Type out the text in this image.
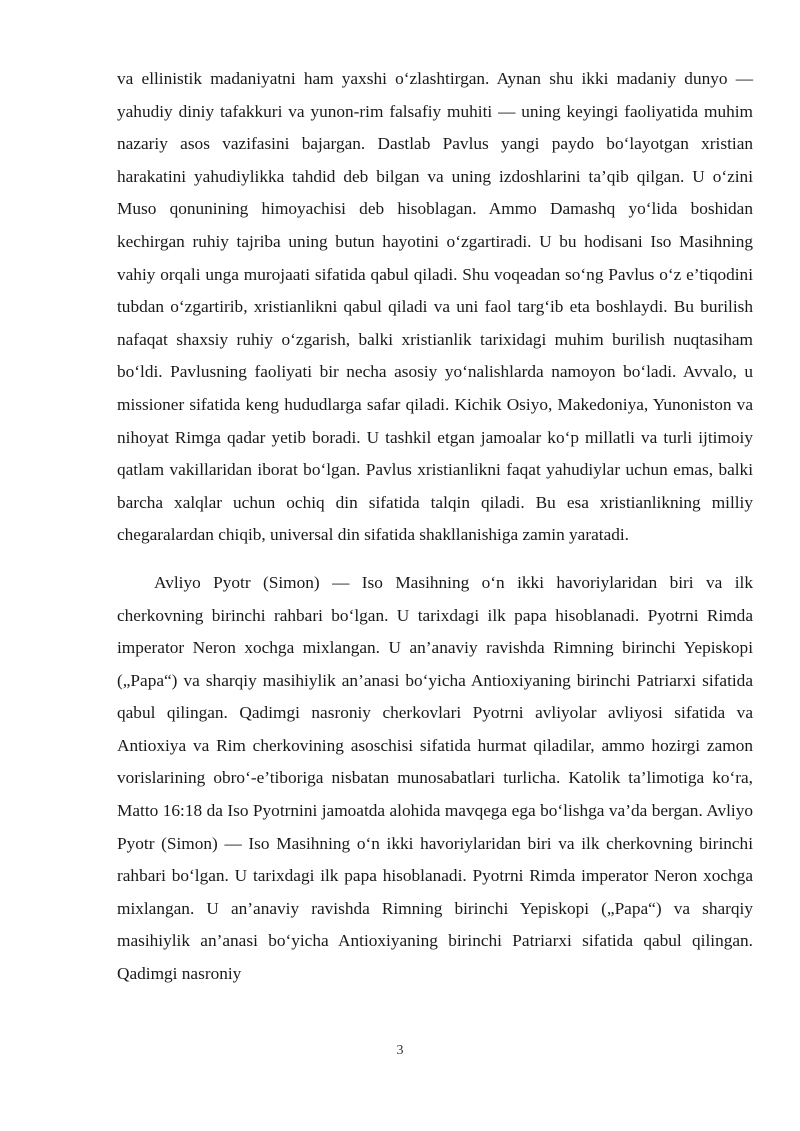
va ellinistik madaniyatni ham yaxshi o‘zlashtirgan. Aynan shu ikki madaniy dunyo — yahudiy diniy tafakkuri va yunon-rim falsafiy muhiti — uning keyingi faoliyatida muhim nazariy asos vazifasini bajargan. Dastlab Pavlus yangi paydo bo‘layotgan xristian harakatini yahudiylikka tahdid deb bilgan va uning izdoshlarini ta’qib qilgan. U o‘zini Muso qonunining himoyachisi deb hisoblagan. Ammo Damashq yo‘lida boshidan kechirgan ruhiy tajriba uning butun hayotini o‘zgartiradi. U bu hodisani Iso Masihning vahiy orqali unga murojaati sifatida qabul qiladi. Shu voqeadan so‘ng Pavlus o‘z e’tiqodini tubdan o‘zgartirib, xristianlikni qabul qiladi va uni faol targ‘ib eta boshlaydi. Bu burilish nafaqat shaxsiy ruhiy o‘zgarish, balki xristianlik tarixidagi muhim burilish nuqtasiham bo‘ldi. Pavlusning faoliyati bir necha asosiy yo‘nalishlarda namoyon bo‘ladi. Avvalo, u missioner sifatida keng hududlarga safar qiladi. Kichik Osiyo, Makedoniya, Yunoniston va nihoyat Rimga qadar yetib boradi. U tashkil etgan jamoalar ko‘p millatli va turli ijtimoiy qatlam vakillaridan iborat bo‘lgan. Pavlus xristianlikni faqat yahudiylar uchun emas, balki barcha xalqlar uchun ochiq din sifatida talqin qiladi. Bu esa xristianlikning milliy chegaralardan chiqib, universal din sifatida shakllanishiga zamin yaratadi.

Avliyo Pyotr (Simon) — Iso Masihning o‘n ikki havoriylaridan biri va ilk cherkovning birinchi rahbari bo‘lgan. U tarixdagi ilk papa hisoblanadi. Pyotrni Rimda imperator Neron xochga mixlangan. U an’anaviy ravishda Rimning birinchi Yepiskopi („Papa“) va sharqiy masihiylik an’anasi bo‘yicha Antioxiyaning birinchi Patriarxi sifatida qabul qilingan. Qadimgi nasroniy cherkovlari Pyotrni avliyolar avliyosi sifatida va Antioxiya va Rim cherkovining asoschisi sifatida hurmat qiladilar, ammo hozirgi zamon vorislarining obro‘-e’tiboriga nisbatan munosabatlari turlicha. Katolik ta’limotiga ko‘ra, Matto 16:18 da Iso Pyotrnini jamoatda alohida mavqega ega bo‘lishga va’da bergan. Avliyo Pyotr (Simon) — Iso Masihning o‘n ikki havoriylaridan biri va ilk cherkovning birinchi rahbari bo‘lgan. U tarixdagi ilk papa hisoblanadi. Pyotrni Rimda imperator Neron xochga mixlangan. U an’anaviy ravishda Rimning birinchi Yepiskopi („Papa“) va sharqiy masihiylik an’anasi bo‘yicha Antioxiyaning birinchi Patriarxi sifatida qabul qilingan. Qadimgi nasroniy

3
